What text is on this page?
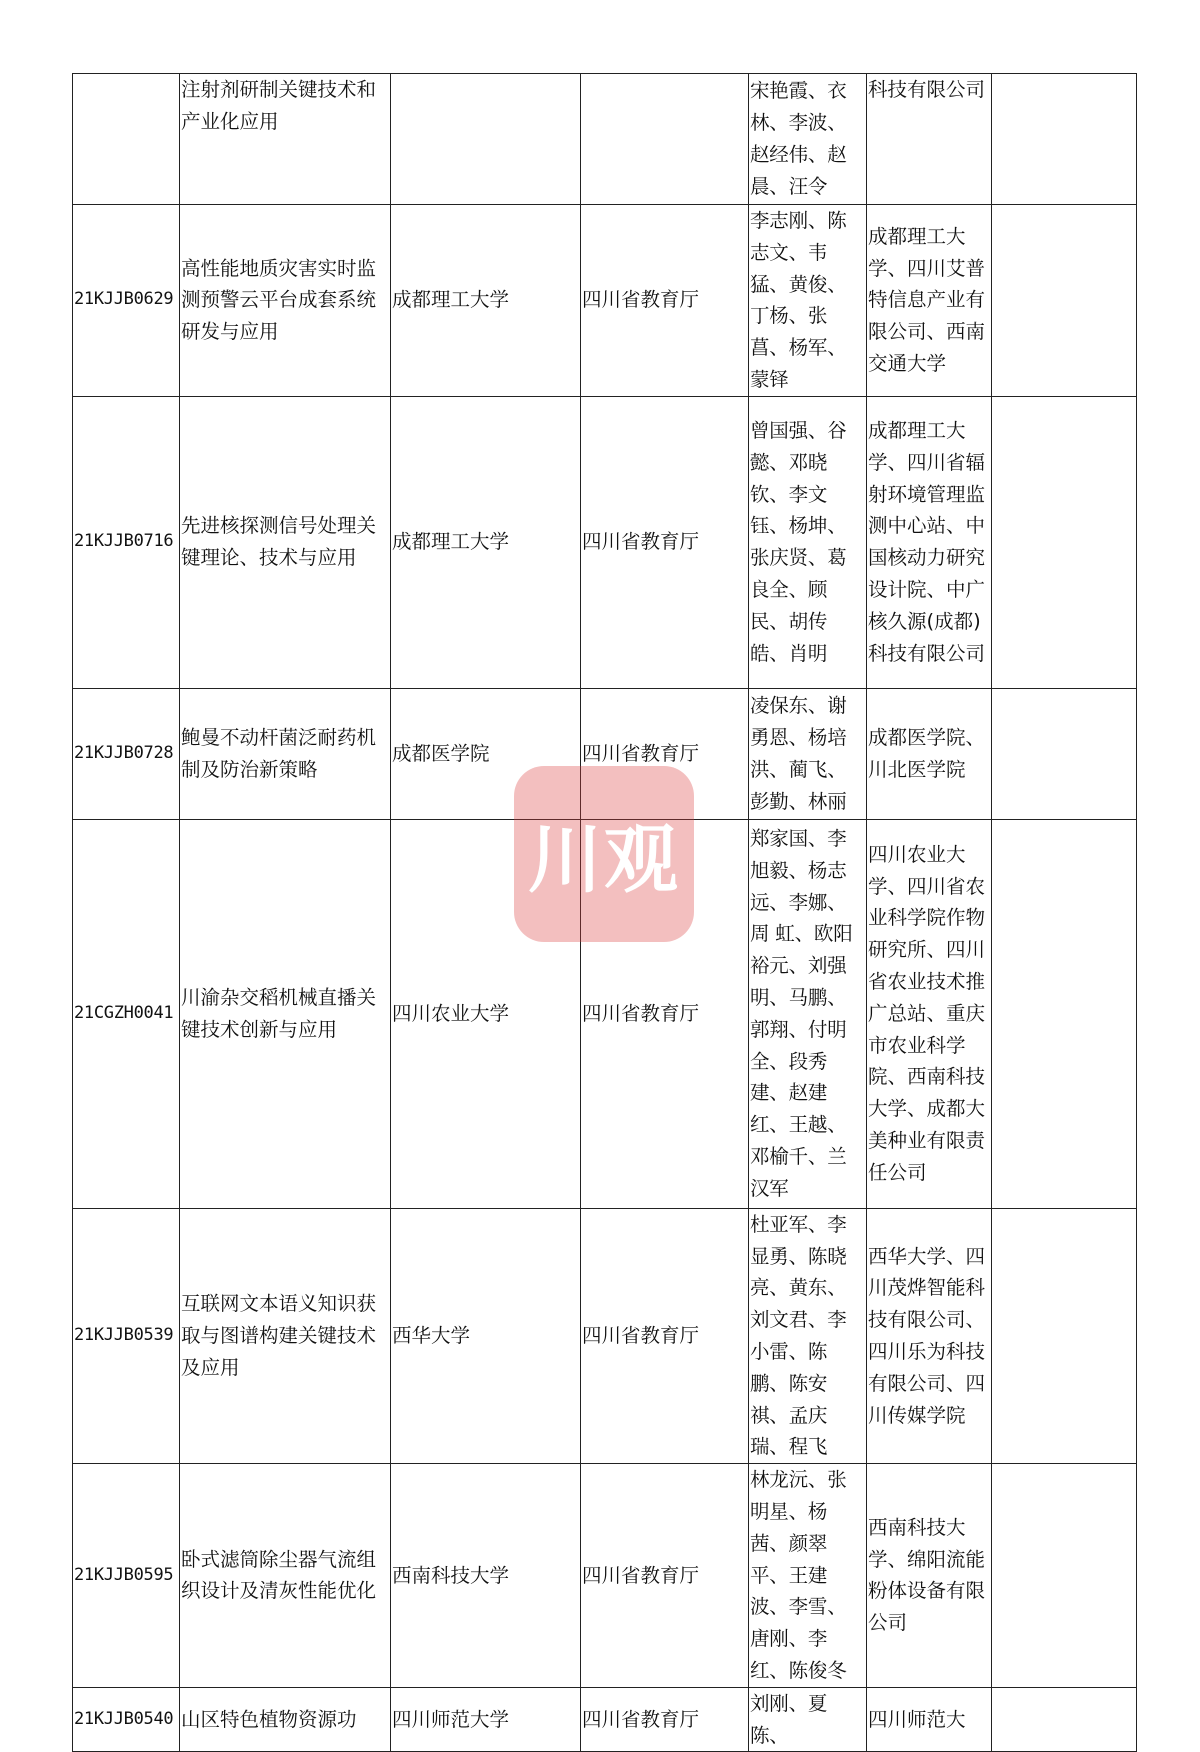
	注射剂研制关键技术和产业化应用			宋艳霞、衣林、李波、赵经伟、赵晨、汪令	科技有限公司	
21KJJB0629	高性能地质灾害实时监测预警云平台成套系统研发与应用	成都理工大学	四川省教育厅	李志刚、陈志文、韦猛、黄俊、丁杨、张菖、杨军、蒙铎	成都理工大学、四川艾普特信息产业有限公司、西南交通大学	
21KJJB0716	先进核探测信号处理关键理论、技术与应用	成都理工大学	四川省教育厅	曾国强、谷懿、邓晓钦、李文钰、杨坤、张庆贤、葛良全、顾民、胡传皓、肖明	成都理工大学、四川省辐射环境管理监测中心站、中国核动力研究设计院、中广核久源(成都)科技有限公司	
21KJJB0728	鲍曼不动杆菌泛耐药机制及防治新策略	成都医学院	四川省教育厅	凌保东、谢勇恩、杨培洪、蔺飞、彭勤、林丽	成都医学院、川北医学院	
21CGZH0041	川渝杂交稻机械直播关键技术创新与应用	四川农业大学	四川省教育厅	郑家国、李旭毅、杨志远、李娜、周 虹、欧阳裕元、刘强明、马鹏、郭翔、付明全、段秀建、赵建红、王越、邓榆千、兰汉军	四川农业大学、四川省农业科学院作物研究所、四川省农业技术推广总站、重庆市农业科学院、西南科技大学、成都大美种业有限责任公司	
21KJJB0539	互联网文本语义知识获取与图谱构建关键技术及应用	西华大学	四川省教育厅	杜亚军、李显勇、陈晓亮、黄东、刘文君、李小雷、陈鹏、陈安祺、孟庆瑞、程飞	西华大学、四川茂烨智能科技有限公司、四川乐为科技有限公司、四川传媒学院	
21KJJB0595	卧式滤筒除尘器气流组织设计及清灰性能优化	西南科技大学	四川省教育厅	林龙沅、张明星、杨茜、颜翠平、王建波、李雪、唐刚、李红、陈俊冬	西南科技大学、绵阳流能粉体设备有限公司	
21KJJB0540	山区特色植物资源功	四川师范大学	四川省教育厅	刘刚、夏陈、	四川师范大	
川观
